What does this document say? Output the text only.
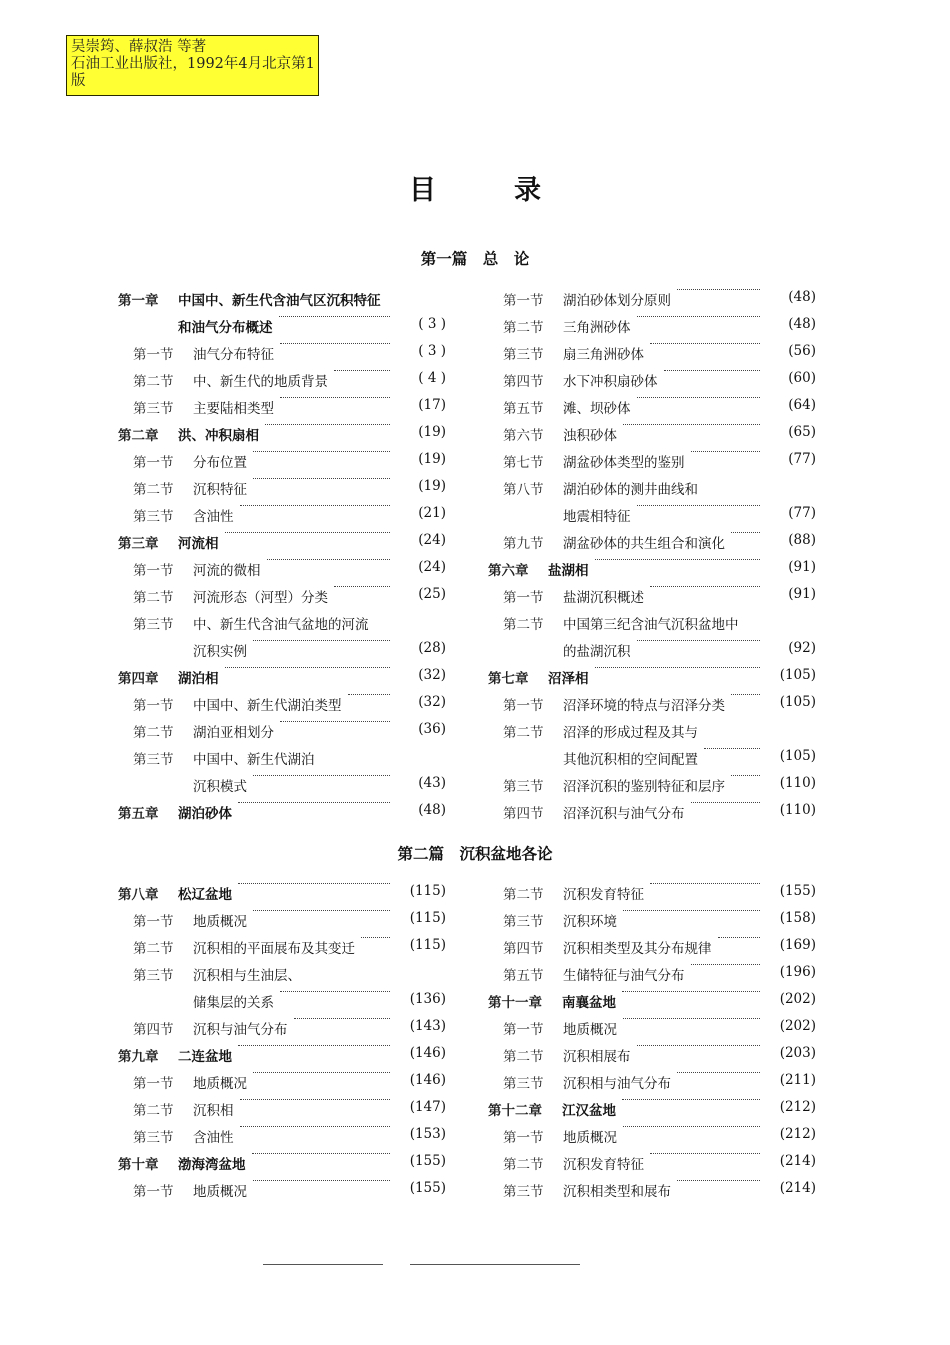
吴崇筠、薛叔浩 等著
石油工业出版社，1992年4月北京第1版
目录
第一篇　总　论
第二篇　沉积盆地各论
第一章 中国中、新生代含油气区沉积特征
和油气分布概述	( 3 )
第一节 油气分布特征	( 3 )
第二节 中、新生代的地质背景	( 4 )
第三节 主要陆相类型	(17)
第二章 洪、冲积扇相	(19)
第一节 分布位置	(19)
第二节 沉积特征	(19)
第三节 含油性	(21)
第三章 河流相	(24)
第一节 河流的微相	(24)
第二节 河流形态（河型）分类	(25)
第三节 中、新生代含油气盆地的河流
沉积实例	(28)
第四章 湖泊相	(32)
第一节 中国中、新生代湖泊类型	(32)
第二节 湖泊亚相划分	(36)
第三节 中国中、新生代湖泊
沉积模式	(43)
第五章 湖泊砂体	(48)
第一节 湖泊砂体划分原则	(48)
第二节 三角洲砂体	(48)
第三节 扇三角洲砂体	(56)
第四节 水下冲积扇砂体	(60)
第五节 滩、坝砂体	(64)
第六节 浊积砂体	(65)
第七节 湖盆砂体类型的鉴别	(77)
第八节 湖泊砂体的测井曲线和
地震相特征	(77)
第九节 湖盆砂体的共生组合和演化	(88)
第六章 盐湖相	(91)
第一节 盐湖沉积概述	(91)
第二节 中国第三纪含油气沉积盆地中
的盐湖沉积	(92)
第七章 沼泽相	(105)
第一节 沼泽环境的特点与沼泽分类	(105)
第二节 沼泽的形成过程及其与
其他沉积相的空间配置	(105)
第三节 沼泽沉积的鉴别特征和层序	(110)
第四节 沼泽沉积与油气分布	(110)
第八章 松辽盆地	(115)
第一节 地质概况	(115)
第二节 沉积相的平面展布及其变迁	(115)
第三节 沉积相与生油层、
储集层的关系	(136)
第四节 沉积与油气分布	(143)
第九章 二连盆地	(146)
第一节 地质概况	(146)
第二节 沉积相	(147)
第三节 含油性	(153)
第十章 渤海湾盆地	(155)
第一节 地质概况	(155)
第二节 沉积发育特征	(155)
第三节 沉积环境	(158)
第四节 沉积相类型及其分布规律	(169)
第五节 生储特征与油气分布	(196)
第十一章 南襄盆地	(202)
第一节 地质概况	(202)
第二节 沉积相展布	(203)
第三节 沉积相与油气分布	(211)
第十二章 江汉盆地	(212)
第一节 地质概况	(212)
第二节 沉积发育特征	(214)
第三节 沉积相类型和展布	(214)
